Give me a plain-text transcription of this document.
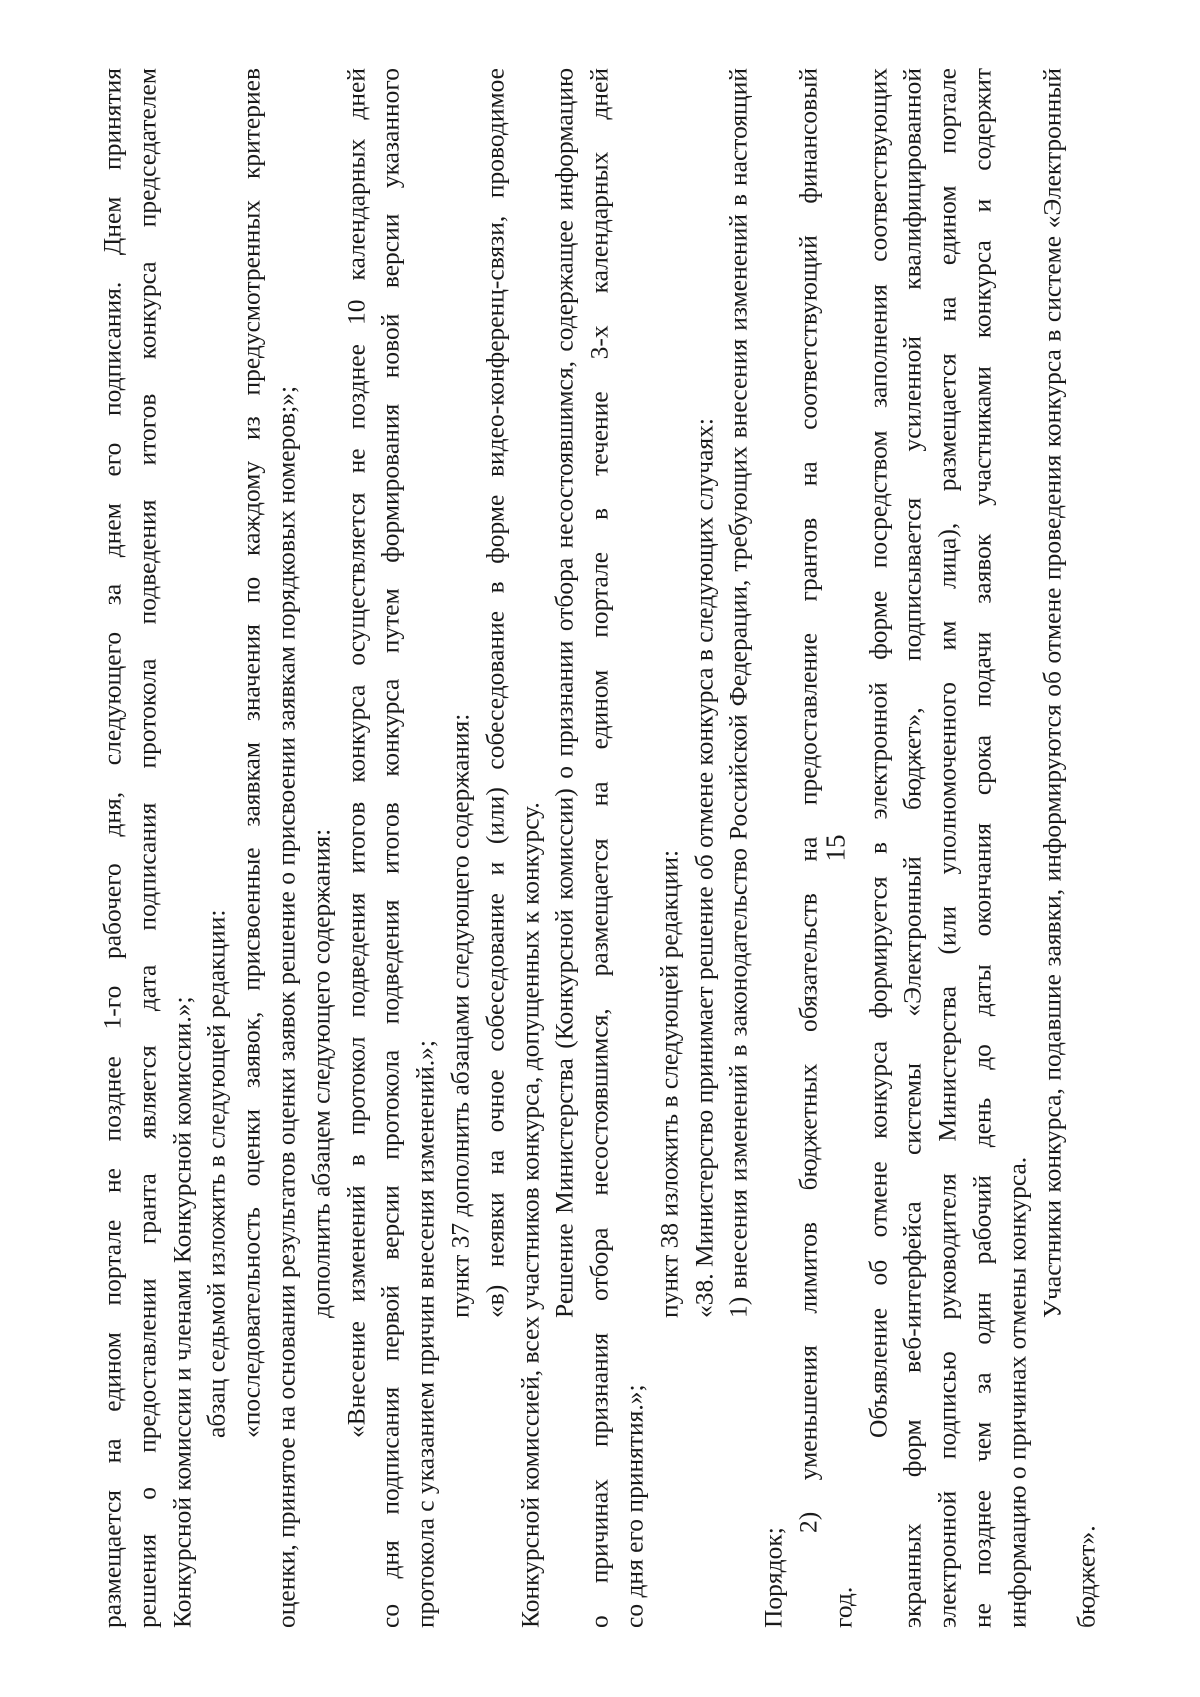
15
размещается на едином портале не позднее 1-го рабочего дня, следующего за днем его подписания. Днем принятия решения о предоставлении гранта является дата подписания протокола подведения итогов конкурса председателем Конкурсной комиссии и членами Конкурсной комиссии.»; абзац седьмой изложить в следующей редакции: «последовательность оценки заявок, присвоенные заявкам значения по каждому из предусмотренных критериев оценки, принятое на основании результатов оценки заявок решение о присвоении заявкам порядковых номеров;»; дополнить абзацем следующего содержания: «Внесение изменений в протокол подведения итогов конкурса осуществляется не позднее 10 календарных дней со дня подписания первой версии протокола подведения итогов конкурса путем формирования новой версии указанного протокола с указанием причин внесения изменений.»;
пункт 37 дополнить абзацами следующего содержания: «в) неявки на очное собеседование и (или) собеседование в форме видео-конференц-связи, проводимое Конкурсной комиссией, всех участников конкурса, допущенных к конкурсу. Решение Министерства (Конкурсной комиссии) о признании отбора несостоявшимся, содержащее информацию о причинах признания отбора несостоявшимся, размещается на едином портале в течение 3-х календарных дней со дня его принятия.»;
пункт 38 изложить в следующей редакции: «38. Министерство принимает решение об отмене конкурса в следующих случаях: 1) внесения изменений в законодательство Российской Федерации, требующих внесения изменений в настоящий
Порядок;
2) уменьшения лимитов бюджетных обязательств на предоставление грантов на соответствующий финансовый
год.
Объявление об отмене конкурса формируется в электронной форме посредством заполнения соответствующих экранных форм веб-интерфейса системы «Электронный бюджет», подписывается усиленной квалифицированной электронной подписью руководителя Министерства (или уполномоченного им лица), размещается на едином портале не позднее чем за один рабочий день до даты окончания срока подачи заявок участниками конкурса и содержит информацию о причинах отмены конкурса.
Участники конкурса, подавшие заявки, информируются об отмене проведения конкурса в системе «Электронный
бюджет».
